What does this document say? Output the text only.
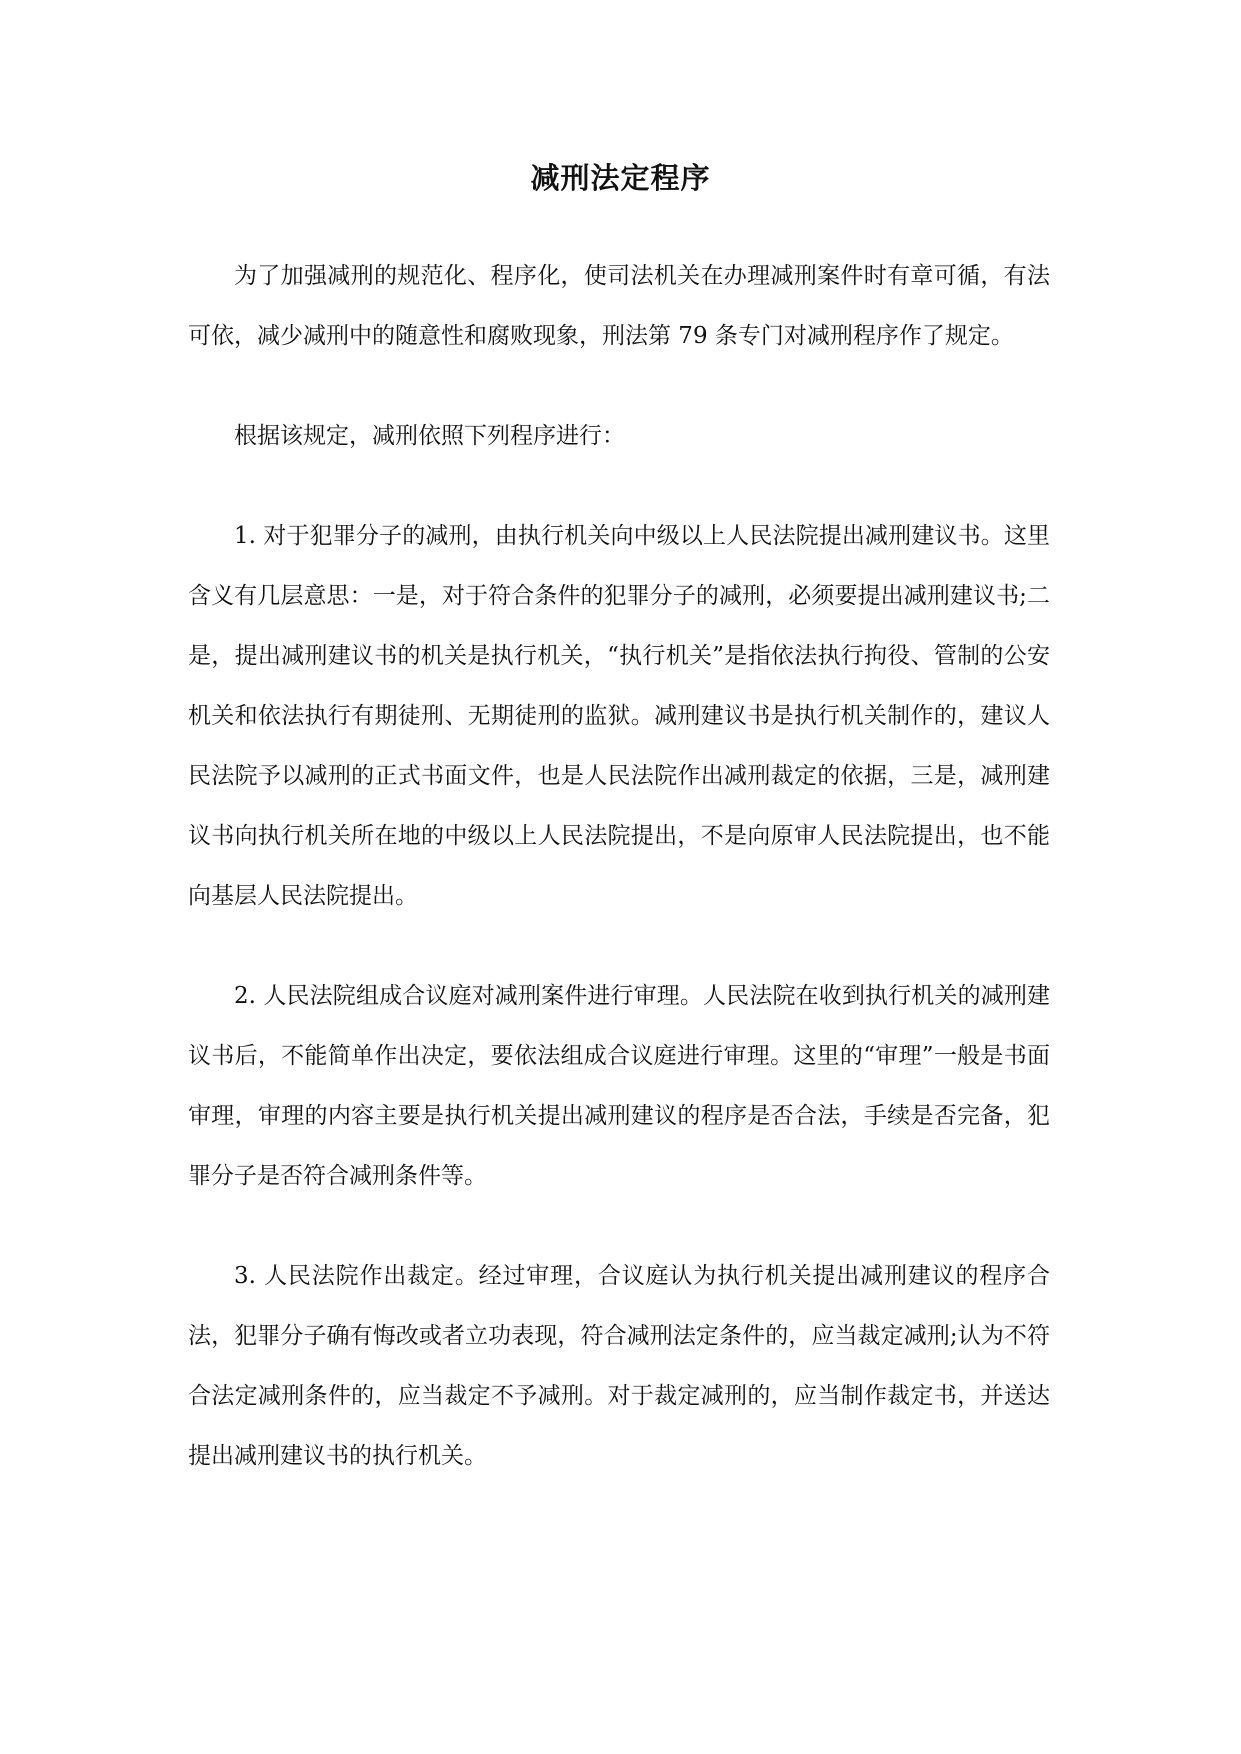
减刑法定程序

为了加强减刑的规范化、程序化，使司法机关在办理减刑案件时有章可循，有法可依，减少减刑中的随意性和腐败现象，刑法第 79 条专门对减刑程序作了规定。

根据该规定，减刑依照下列程序进行：

1. 对于犯罪分子的减刑，由执行机关向中级以上人民法院提出减刑建议书。这里含义有几层意思：一是，对于符合条件的犯罪分子的减刑，必须要提出减刑建议书;二是，提出减刑建议书的机关是执行机关，“执行机关”是指依法执行拘役、管制的公安机关和依法执行有期徒刑、无期徒刑的监狱。减刑建议书是执行机关制作的，建议人民法院予以减刑的正式书面文件，也是人民法院作出减刑裁定的依据，三是，减刑建议书向执行机关所在地的中级以上人民法院提出，不是向原审人民法院提出，也不能向基层人民法院提出。

2. 人民法院组成合议庭对减刑案件进行审理。人民法院在收到执行机关的减刑建议书后，不能简单作出决定，要依法组成合议庭进行审理。这里的“审理”一般是书面审理，审理的内容主要是执行机关提出减刑建议的程序是否合法，手续是否完备，犯罪分子是否符合减刑条件等。

3. 人民法院作出裁定。经过审理，合议庭认为执行机关提出减刑建议的程序合法，犯罪分子确有悔改或者立功表现，符合减刑法定条件的，应当裁定减刑;认为不符合法定减刑条件的，应当裁定不予减刑。对于裁定减刑的，应当制作裁定书，并送达提出减刑建议书的执行机关。
